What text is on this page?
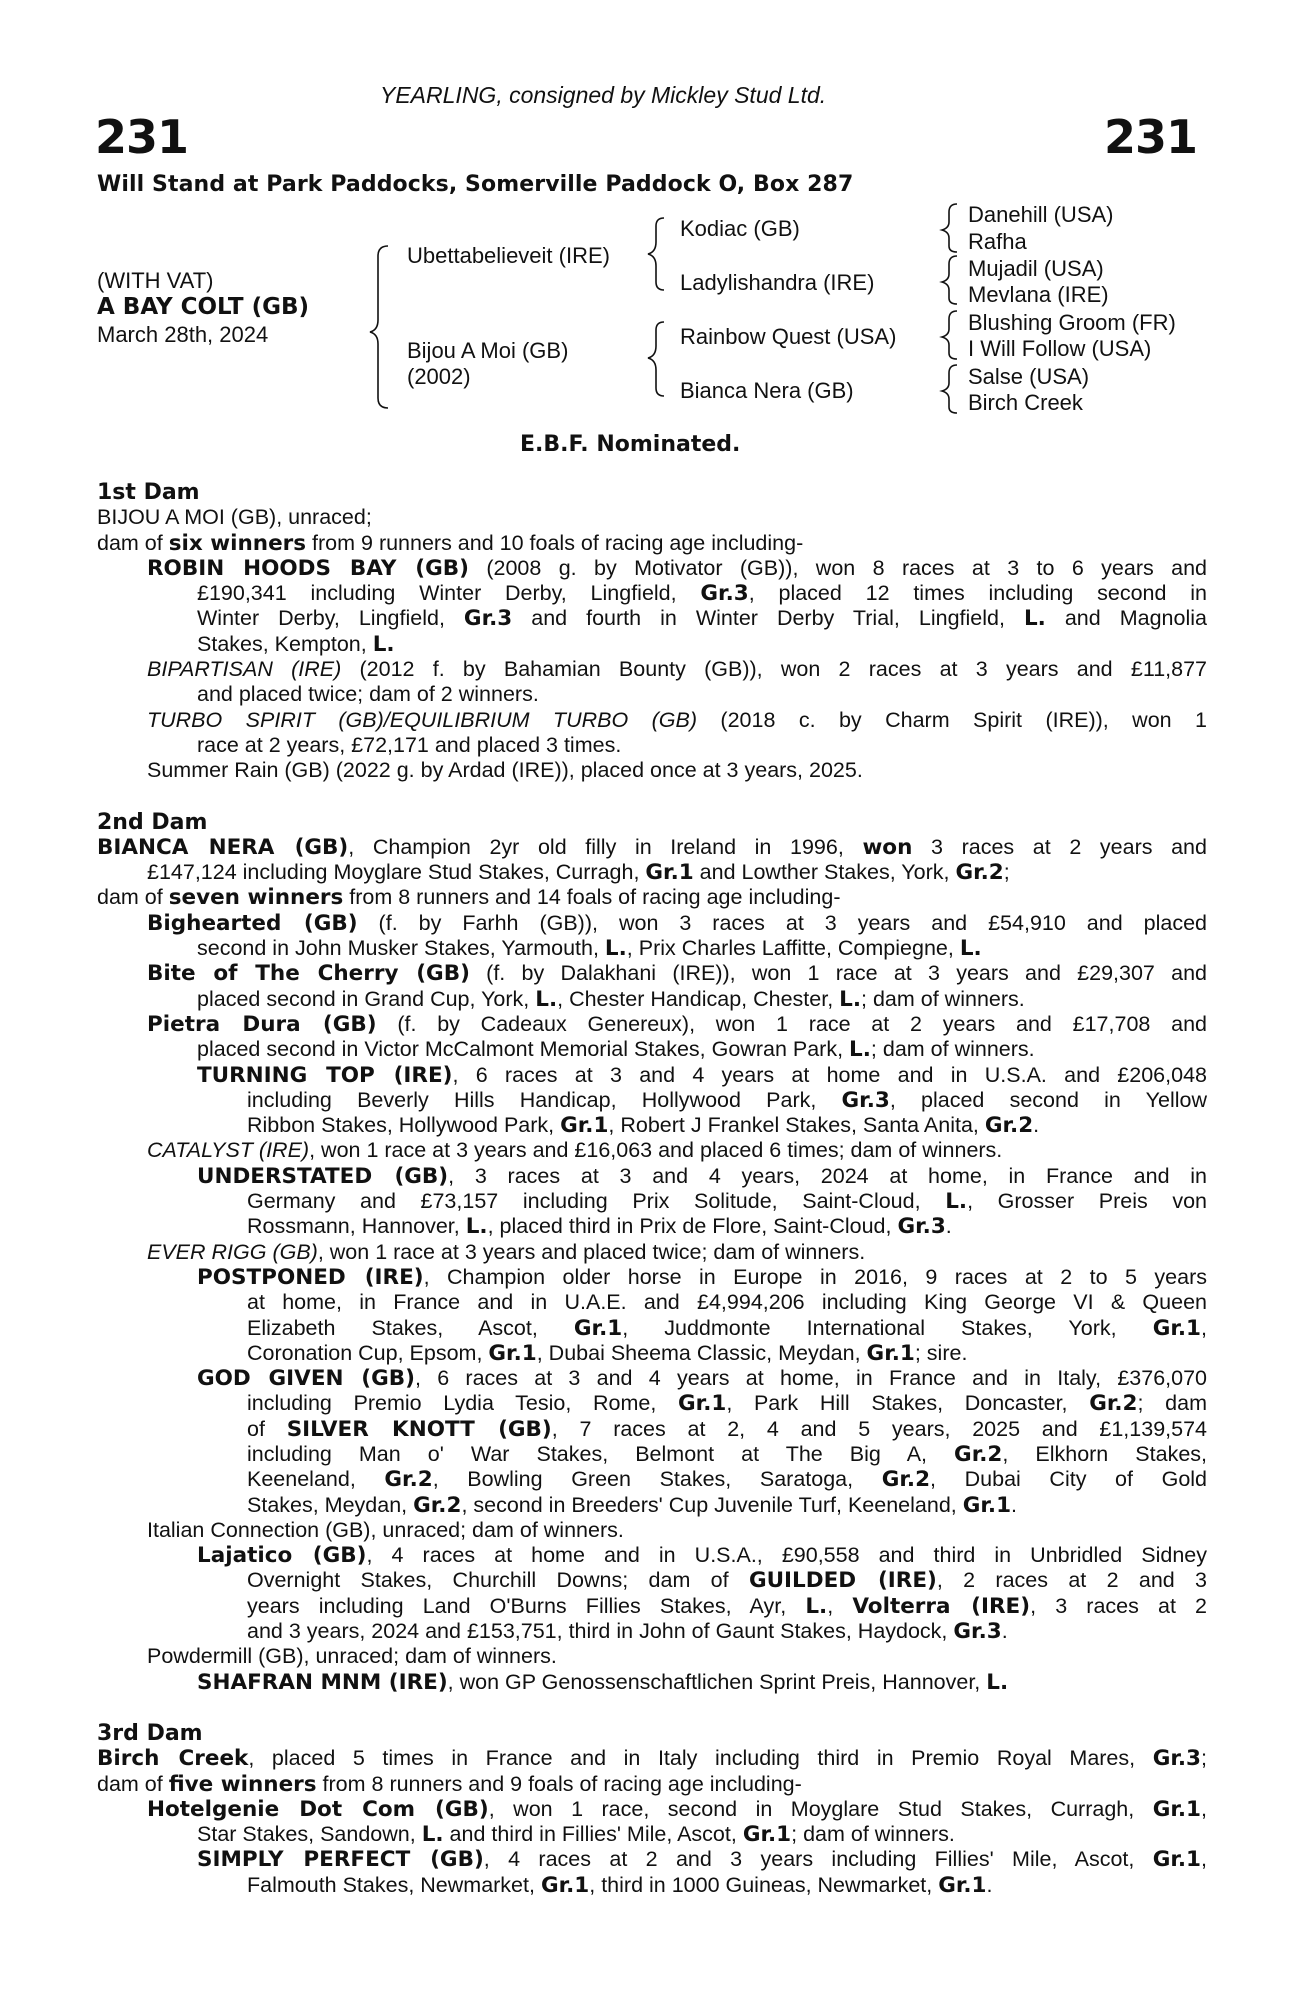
231	231
YEARLING, consigned by Mickley Stud Ltd.
Will Stand at Park Paddocks, Somerville Paddock O, Box 287
(WITH VAT)
A BAY COLT (GB)
March 28th, 2024
Ubettabelieveit (IRE)
Bijou A Moi (GB)
(2002)
Kodiac (GB)
Ladylishandra (IRE)
Rainbow Quest (USA)
Bianca Nera (GB)
Danehill (USA)
Rafha
Mujadil (USA)
Mevlana (IRE)
Blushing Groom (FR)
I Will Follow (USA)
Salse (USA)
Birch Creek
E.B.F. Nominated.
1st Dam
BIJOU A MOI (GB), unraced;
dam of six winners from 9 runners and 10 foals of racing age including-
ROBIN HOODS BAY (GB) (2008 g. by Motivator (GB)), won 8 races at 3 to 6 years and
£190,341 including Winter Derby, Lingfield, Gr.3, placed 12 times including second in
Winter Derby, Lingfield, Gr.3 and fourth in Winter Derby Trial, Lingfield, L. and Magnolia
Stakes, Kempton, L.
BIPARTISAN (IRE) (2012 f. by Bahamian Bounty (GB)), won 2 races at 3 years and £11,877
and placed twice; dam of 2 winners.
TURBO SPIRIT (GB)/EQUILIBRIUM TURBO (GB) (2018 c. by Charm Spirit (IRE)), won 1
race at 2 years, £72,171 and placed 3 times.
Summer Rain (GB) (2022 g. by Ardad (IRE)), placed once at 3 years, 2025.
2nd Dam
BIANCA NERA (GB), Champion 2yr old filly in Ireland in 1996, won 3 races at 2 years and
£147,124 including Moyglare Stud Stakes, Curragh, Gr.1 and Lowther Stakes, York, Gr.2;
dam of seven winners from 8 runners and 14 foals of racing age including-
Bighearted (GB) (f. by Farhh (GB)), won 3 races at 3 years and £54,910 and placed
second in John Musker Stakes, Yarmouth, L., Prix Charles Laffitte, Compiegne, L.
Bite of The Cherry (GB) (f. by Dalakhani (IRE)), won 1 race at 3 years and £29,307 and
placed second in Grand Cup, York, L., Chester Handicap, Chester, L.; dam of winners.
Pietra Dura (GB) (f. by Cadeaux Genereux), won 1 race at 2 years and £17,708 and
placed second in Victor McCalmont Memorial Stakes, Gowran Park, L.; dam of winners.
TURNING TOP (IRE), 6 races at 3 and 4 years at home and in U.S.A. and £206,048
including Beverly Hills Handicap, Hollywood Park, Gr.3, placed second in Yellow
Ribbon Stakes, Hollywood Park, Gr.1, Robert J Frankel Stakes, Santa Anita, Gr.2.
CATALYST (IRE), won 1 race at 3 years and £16,063 and placed 6 times; dam of winners.
UNDERSTATED (GB), 3 races at 3 and 4 years, 2024 at home, in France and in
Germany and £73,157 including Prix Solitude, Saint-Cloud, L., Grosser Preis von
Rossmann, Hannover, L., placed third in Prix de Flore, Saint-Cloud, Gr.3.
EVER RIGG (GB), won 1 race at 3 years and placed twice; dam of winners.
POSTPONED (IRE), Champion older horse in Europe in 2016, 9 races at 2 to 5 years
at home, in France and in U.A.E. and £4,994,206 including King George VI & Queen
Elizabeth Stakes, Ascot, Gr.1, Juddmonte International Stakes, York, Gr.1,
Coronation Cup, Epsom, Gr.1, Dubai Sheema Classic, Meydan, Gr.1; sire.
GOD GIVEN (GB), 6 races at 3 and 4 years at home, in France and in Italy, £376,070
including Premio Lydia Tesio, Rome, Gr.1, Park Hill Stakes, Doncaster, Gr.2; dam
of SILVER KNOTT (GB), 7 races at 2, 4 and 5 years, 2025 and £1,139,574
including Man o' War Stakes, Belmont at The Big A, Gr.2, Elkhorn Stakes,
Keeneland, Gr.2, Bowling Green Stakes, Saratoga, Gr.2, Dubai City of Gold
Stakes, Meydan, Gr.2, second in Breeders' Cup Juvenile Turf, Keeneland, Gr.1.
Italian Connection (GB), unraced; dam of winners.
Lajatico (GB), 4 races at home and in U.S.A., £90,558 and third in Unbridled Sidney
Overnight Stakes, Churchill Downs; dam of GUILDED (IRE), 2 races at 2 and 3
years including Land O'Burns Fillies Stakes, Ayr, L., Volterra (IRE), 3 races at 2
and 3 years, 2024 and £153,751, third in John of Gaunt Stakes, Haydock, Gr.3.
Powdermill (GB), unraced; dam of winners.
SHAFRAN MNM (IRE), won GP Genossenschaftlichen Sprint Preis, Hannover, L.
3rd Dam
Birch Creek, placed 5 times in France and in Italy including third in Premio Royal Mares, Gr.3;
dam of five winners from 8 runners and 9 foals of racing age including-
Hotelgenie Dot Com (GB), won 1 race, second in Moyglare Stud Stakes, Curragh, Gr.1,
Star Stakes, Sandown, L. and third in Fillies' Mile, Ascot, Gr.1; dam of winners.
SIMPLY PERFECT (GB), 4 races at 2 and 3 years including Fillies' Mile, Ascot, Gr.1,
Falmouth Stakes, Newmarket, Gr.1, third in 1000 Guineas, Newmarket, Gr.1.
